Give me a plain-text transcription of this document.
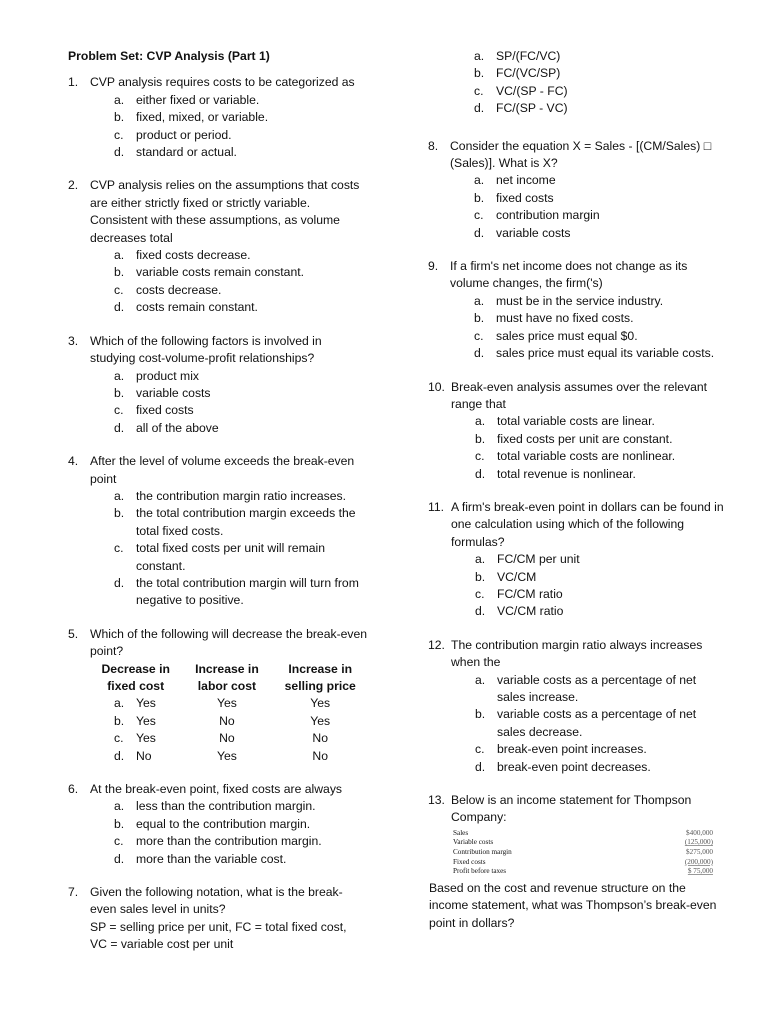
Problem Set: CVP Analysis (Part 1)
1. CVP analysis requires costs to be categorized as
a. either fixed or variable.
b. fixed, mixed, or variable.
c. product or period.
d. standard or actual.
2. CVP analysis relies on the assumptions that costs are either strictly fixed or strictly variable. Consistent with these assumptions, as volume decreases total
a. fixed costs decrease.
b. variable costs remain constant.
c. costs decrease.
d. costs remain constant.
3. Which of the following factors is involved in studying cost-volume-profit relationships?
a. product mix
b. variable costs
c. fixed costs
d. all of the above
4. After the level of volume exceeds the break-even point
a. the contribution margin ratio increases.
b. the total contribution margin exceeds the total fixed costs.
c. total fixed costs per unit will remain constant.
d. the total contribution margin will turn from negative to positive.
5. Which of the following will decrease the break-even point?
Decrease in fixed cost	Increase in labor cost	Increase in selling price
a. Yes	Yes	Yes
b. Yes	No	Yes
c. Yes	No	No
d. No	Yes	No
6. At the break-even point, fixed costs are always
a. less than the contribution margin.
b. equal to the contribution margin.
c. more than the contribution margin.
d. more than the variable cost.
7. Given the following notation, what is the break-even sales level in units?
SP = selling price per unit, FC = total fixed cost,
VC = variable cost per unit
a. SP/(FC/VC)
b. FC/(VC/SP)
c. VC/(SP - FC)
d. FC/(SP - VC)
8. Consider the equation X = Sales - [(CM/Sales) □ (Sales)]. What is X?
a. net income
b. fixed costs
c. contribution margin
d. variable costs
9. If a firm's net income does not change as its volume changes, the firm('s)
a. must be in the service industry.
b. must have no fixed costs.
c. sales price must equal $0.
d. sales price must equal its variable costs.
10. Break-even analysis assumes over the relevant range that
a. total variable costs are linear.
b. fixed costs per unit are constant.
c. total variable costs are nonlinear.
d. total revenue is nonlinear.
11. A firm's break-even point in dollars can be found in one calculation using which of the following formulas?
a. FC/CM per unit
b. VC/CM
c. FC/CM ratio
d. VC/CM ratio
12. The contribution margin ratio always increases when the
a. variable costs as a percentage of net sales increase.
b. variable costs as a percentage of net sales decrease.
c. break-even point increases.
d. break-even point decreases.
13. Below is an income statement for Thompson Company:
Sales	$400,000
Variable costs	(125,000)
Contribution margin	$275,000
Fixed costs	(200,000)
Profit before taxes	$ 75,000
Based on the cost and revenue structure on the income statement, what was Thompson’s break-even point in dollars?
